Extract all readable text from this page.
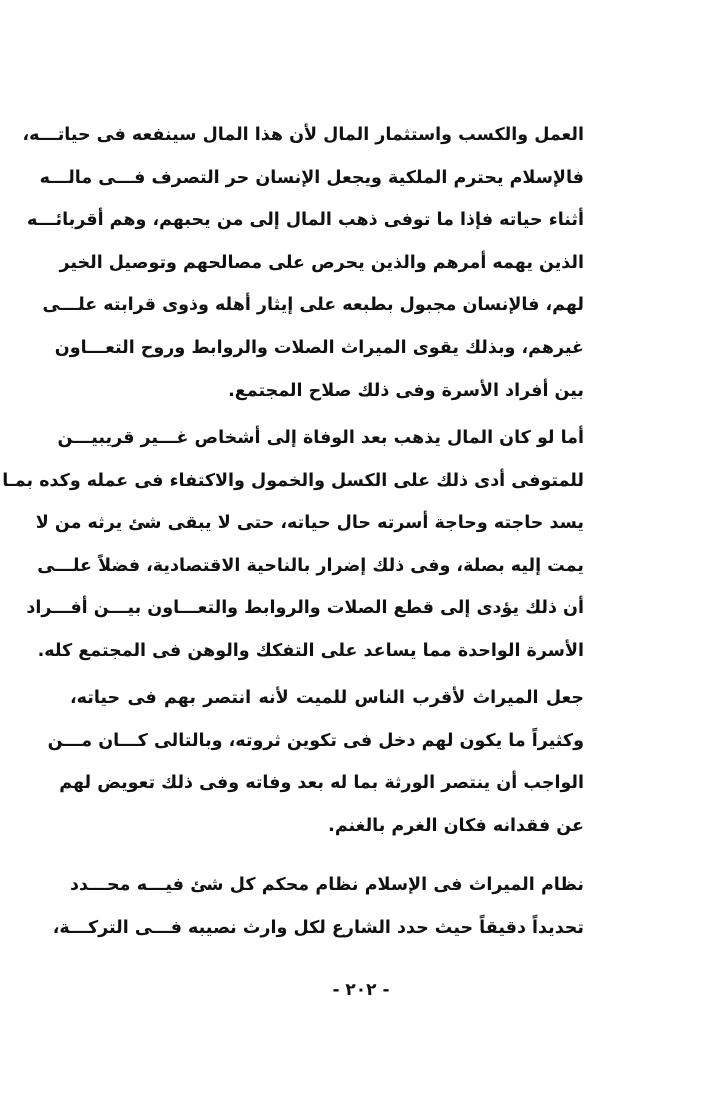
العمل والكسب واستثمار المال لأن هذا المال سينفعه فى حياتـــه،
فالإسلام يحترم الملكية ويجعل الإنسان حر التصرف فـــى مالـــه
أثناء حياته فإذا ما توفى ذهب المال إلى من يحبهم، وهم أقربائـــه
الذين يهمه أمرهم والذين يحرص على مصالحهم وتوصيل الخير
لهم، فالإنسان مجبول بطبعه على إيثار أهله وذوى قرابته علـــى
غيرهم، وبذلك يقوى الميراث الصلات والروابط وروح التعـــاون
بين أفراد الأسرة وفى ذلك صلاح المجتمع.
أما لو كان المال يذهب بعد الوفاة إلى أشخاص غـــير قريبيـــن
للمتوفى أدى ذلك على الكسل والخمول والاكتفاء فى عمله وكده بمـا
يسد حاجته وحاجة أسرته حال حياته، حتى لا يبقى شئ يرثه من لا
يمت إليه بصلة، وفى ذلك إضرار بالناحية الاقتصادية، فضلاً علـــى
أن ذلك يؤدى إلى قطع الصلات والروابط والتعـــاون بيـــن أفـــراد
الأسرة الواحدة مما يساعد على التفكك والوهن فى المجتمع كله.
جعل الميراث لأقرب الناس للميت لأنه انتصر بهم فى حياته،
وكثيراً ما يكون لهم دخل فى تكوين ثروته، وبالتالى كـــان مـــن
الواجب أن ينتصر الورثة بما له بعد وفاته وفى ذلك تعويض لهم
عن فقدانه فكان الغرم بالغنم.
نظام الميراث فى الإسلام نظام محكم كل شئ فيـــه محـــدد
تحديداً دقيقاً حيث حدد الشارع لكل وارث نصيبه فـــى التركـــة،
- ٢٠٢ -
